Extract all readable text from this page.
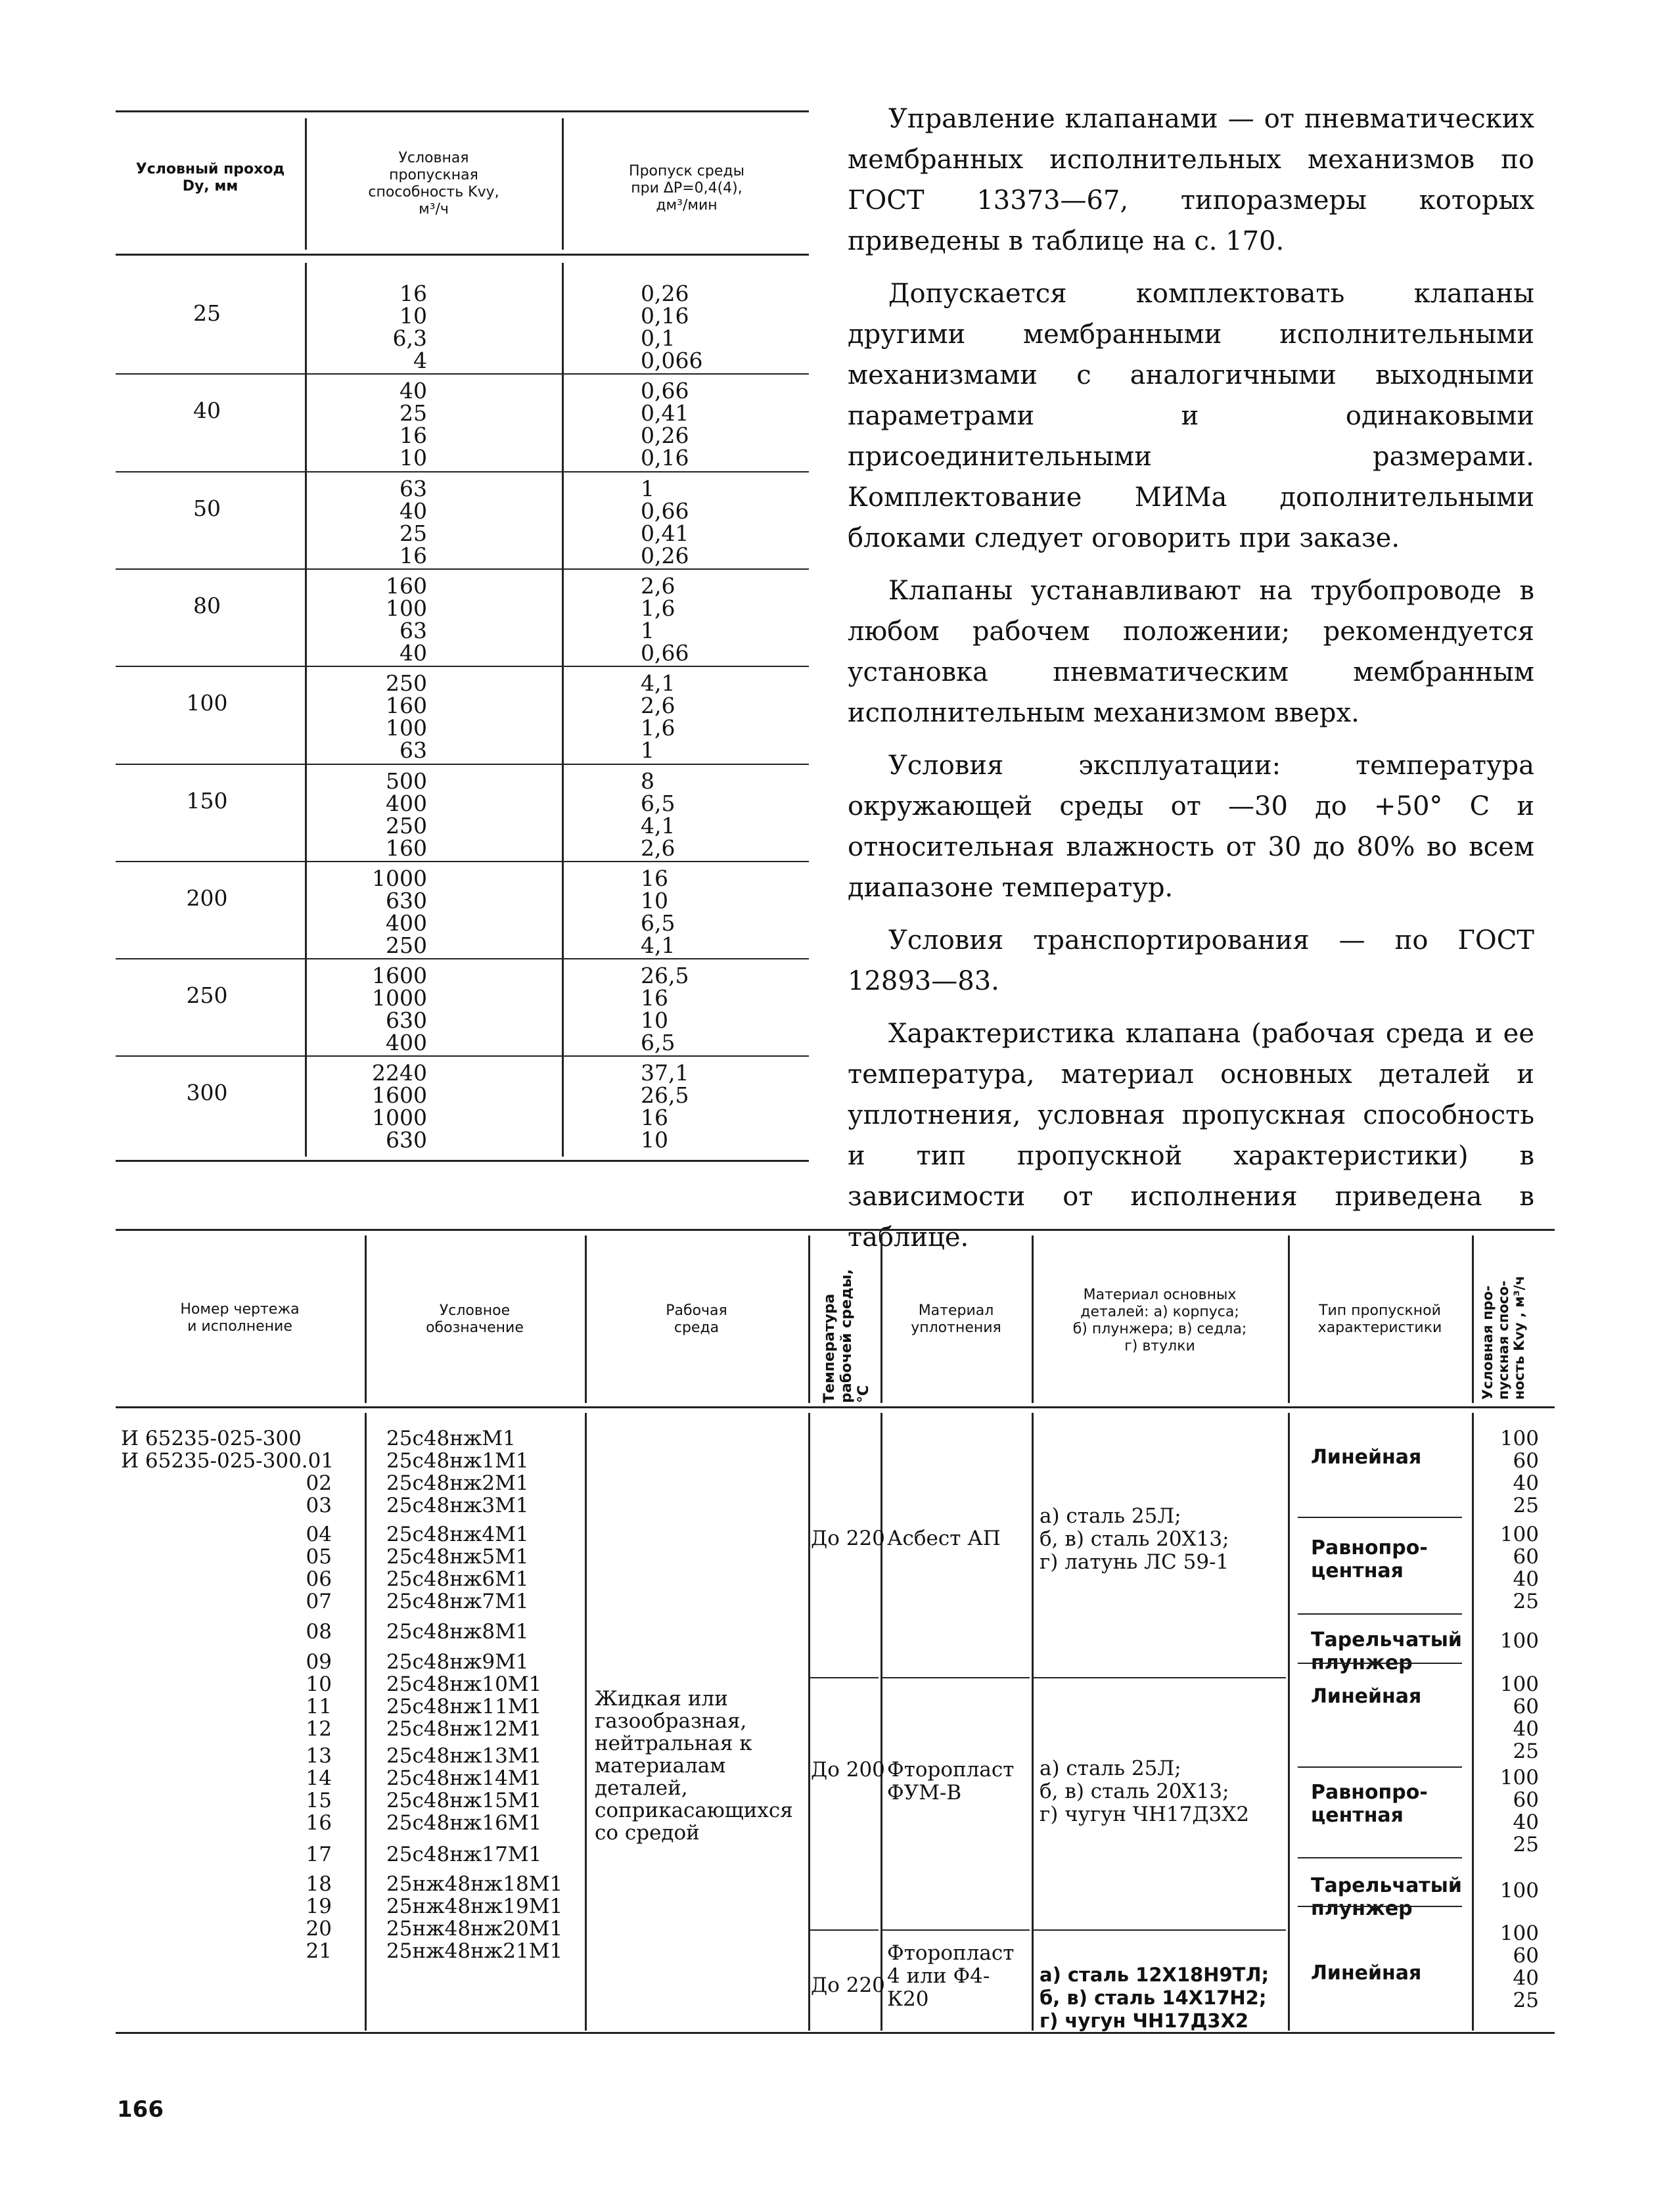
Условный проход
Dу, мм
Условная
пропускная
способность Kvу,
м³/ч
Пропуск среды
при ΔP=0,4(4),
дм³/мин
25
16
10
6,3
4
0,26
0,16
0,1
0,066
40
40
25
16
10
0,66
0,41
0,26
0,16
50
63
40
25
16
1
0,66
0,41
0,26
80
160
100
63
40
2,6
1,6
1
0,66
100
250
160
100
63
4,1
2,6
1,6
1
150
500
400
250
160
8
6,5
4,1
2,6
200
1000
630
400
250
16
10
6,5
4,1
250
1600
1000
630
400
26,5
16
10
6,5
300
2240
1600
1000
630
37,1
26,5
16
10

Управление клапанами — от пневматических мембранных исполнительных механизмов по ГОСТ 13373—67, типоразмеры которых приведены в таблице на с. 170.

Допускается комплектовать клапаны другими мембранными исполнительными механизмами с аналогичными выходными параметрами и одинаковыми присоединительными размерами. Комплектование МИМа дополнительными блоками следует оговорить при заказе.

Клапаны устанавливают на трубопроводе в любом рабочем положении; рекомендуется установка пневматическим мембранным исполнительным механизмом вверх.

Условия эксплуатации: температура окружающей среды от —30 до +50° С и относительная влажность от 30 до 80% во всем диапазоне температур.

Условия транспортирования — по ГОСТ 12893—83.

Характеристика клапана (рабочая среда и ее температура, материал основных деталей и уплотнения, условная пропускная способность и тип пропускной характеристики) в зависимости от исполнения приведена в таблице.

Номер чертежа
и исполнение
Условное
обозначение
Рабочая
среда	Температура
рабочей среды,
°С
Материал
уплотнения
Материал основных
деталей: а) корпуса;
б) плунжера; в) седла;
г) втулки
Тип пропускной
характеристики	Условная про-
пускная спосо-
ность Kvу , м³/ч
Жидкая или газообразная, нейтральная к материалам деталей, соприкасающихся со средой
До 220
До 200
До 220
Асбест АП
Фторопласт ФУМ-В
Фторопласт 4 или Ф4-К20
а) сталь 25Л;
б, в) сталь 20Х13;
г) латунь ЛС 59-1
а) сталь 25Л;
б, в) сталь 20Х13;
г) чугун ЧН17Д3Х2
а) сталь 12Х18Н9ТЛ;
б, в) сталь 14Х17Н2;
г) чугун ЧН17Д3Х2
И 65235-025-300
И 65235-025-300.01
02
03
04
05
06
07
08
09
10
11
12
13
14
15
16
17
18
19
20
21
25с48нжМ1
25с48нж1М1
25с48нж2М1
25с48нж3М1
25с48нж4М1
25с48нж5М1
25с48нж6М1
25с48нж7М1
25с48нж8М1
25с48нж9М1
25с48нж10М1
25с48нж11М1
25с48нж12М1
25с48нж13М1
25с48нж14М1
25с48нж15М1
25с48нж16М1
25с48нж17М1
25нж48нж18М1
25нж48нж19М1
25нж48нж20М1
25нж48нж21М1
Линейная
Равнопро-
центная
Тарельчатый
плунжер
Линейная
Равнопро-
центная
Тарельчатый
плунжер
Линейная
100
60
40
25
100
60
40
25
100
100
60
40
25
100
60
40
25
100
100
60
40
25
166
